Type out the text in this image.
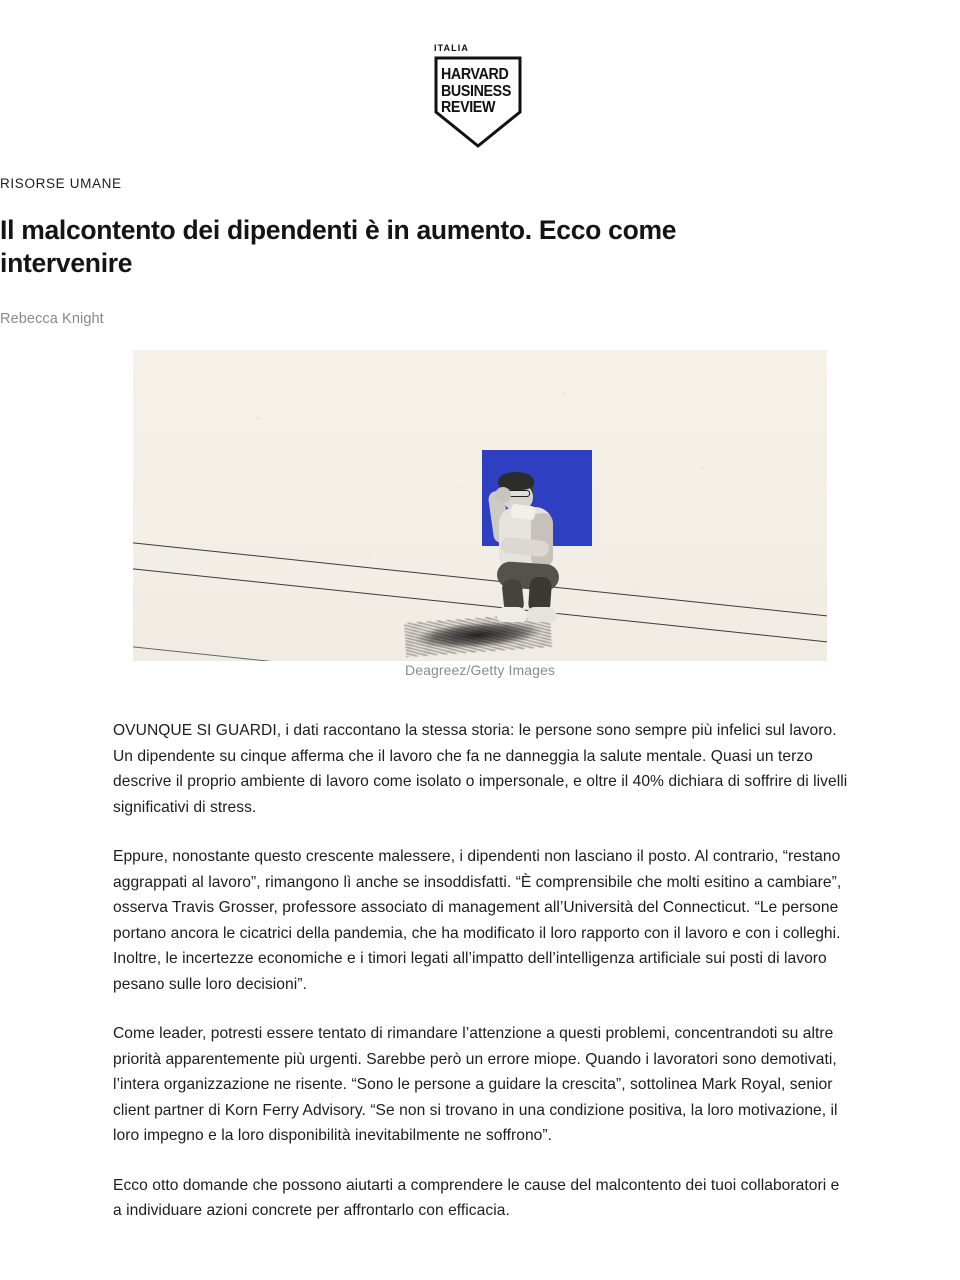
ITALIA
HARVARD
BUSINESS
REVIEW
RISORSE UMANE
Il malcontento dei dipendenti è in aumento. Ecco come intervenire
Rebecca Knight
Deagreez/Getty Images

OVUNQUE SI GUARDI, i dati raccontano la stessa storia: le persone sono sempre più infelici sul lavoro. Un dipendente su cinque afferma che il lavoro che fa ne danneggia la salute mentale. Quasi un terzo descrive il proprio ambiente di lavoro come isolato o impersonale, e oltre il 40% dichiara di soffrire di livelli significativi di stress.

Eppure, nonostante questo crescente malessere, i dipendenti non lasciano il posto. Al contrario, “restano aggrappati al lavoro”, rimangono lì anche se insoddisfatti. “È comprensibile che molti esitino a cambiare”, osserva Travis Grosser, professore associato di management all’Università del Connecticut. “Le persone portano ancora le cicatrici della pandemia, che ha modificato il loro rapporto con il lavoro e con i colleghi. Inoltre, le incertezze economiche e i timori legati all’impatto dell’intelligenza artificiale sui posti di lavoro pesano sulle loro decisioni”.

Come leader, potresti essere tentato di rimandare l’attenzione a questi problemi, concentrandoti su altre priorità apparentemente più urgenti. Sarebbe però un errore miope. Quando i lavoratori sono demotivati, l’intera organizzazione ne risente. “Sono le persone a guidare la crescita”, sottolinea Mark Royal, senior client partner di Korn Ferry Advisory. “Se non si trovano in una condizione positiva, la loro motivazione, il loro impegno e la loro disponibilità inevitabilmente ne soffrono”.

Ecco otto domande che possono aiutarti a comprendere le cause del malcontento dei tuoi collaboratori e a individuare azioni concrete per affrontarlo con efficacia.
